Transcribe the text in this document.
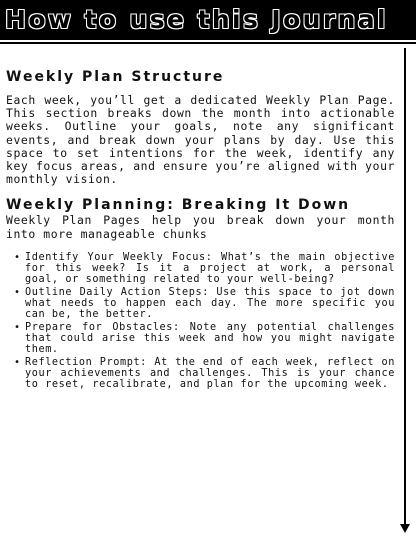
How to use this Journal
Weekly Plan Structure

Each week, you’ll get a dedicated Weekly Plan Page. This section breaks down the month into actionable weeks. Outline your goals, note any significant events, and break down your plans by day. Use this space to set intentions for the week, identify any key focus areas, and ensure you’re aligned with your monthly vision.

Weekly Planning: Breaking It Down

Weekly Plan Pages help you break down your month into more manageable chunks

• Identify Your Weekly Focus: What’s the main objective for this week? Is it a project at work, a personal goal, or something related to your well-being?
• Outline Daily Action Steps: Use this space to jot down what needs to happen each day. The more specific you can be, the better.
• Prepare for Obstacles: Note any potential challenges that could arise this week and how you might navigate them.
• Reflection Prompt: At the end of each week, reflect on your achievements and challenges. This is your chance to reset, recalibrate, and plan for the upcoming week.
